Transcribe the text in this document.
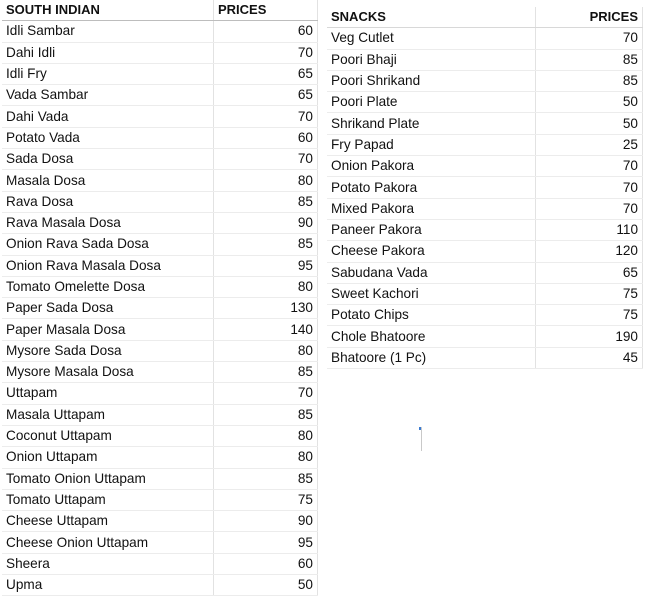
SOUTH INDIAN	PRICES
Idli Sambar	60
Dahi Idli	70
Idli Fry	65
Vada Sambar	65
Dahi Vada	70
Potato Vada	60
Sada Dosa	70
Masala Dosa	80
Rava Dosa	85
Rava Masala Dosa	90
Onion Rava Sada Dosa	85
Onion Rava Masala Dosa	95
Tomato Omelette Dosa	80
Paper Sada Dosa	130
Paper Masala Dosa	140
Mysore Sada Dosa	80
Mysore Masala Dosa	85
Uttapam	70
Masala Uttapam	85
Coconut Uttapam	80
Onion Uttapam	80
Tomato Onion Uttapam	85
Tomato Uttapam	75
Cheese Uttapam	90
Cheese Onion Uttapam	95
Sheera	60
Upma	50
SNACKS	PRICES
Veg Cutlet	70
Poori Bhaji	85
Poori Shrikand	85
Poori Plate	50
Shrikand Plate	50
Fry Papad	25
Onion Pakora	70
Potato Pakora	70
Mixed Pakora	70
Paneer Pakora	110
Cheese Pakora	120
Sabudana Vada	65
Sweet Kachori	75
Potato Chips	75
Chole Bhatoore	190
Bhatoore (1 Pc)	45
